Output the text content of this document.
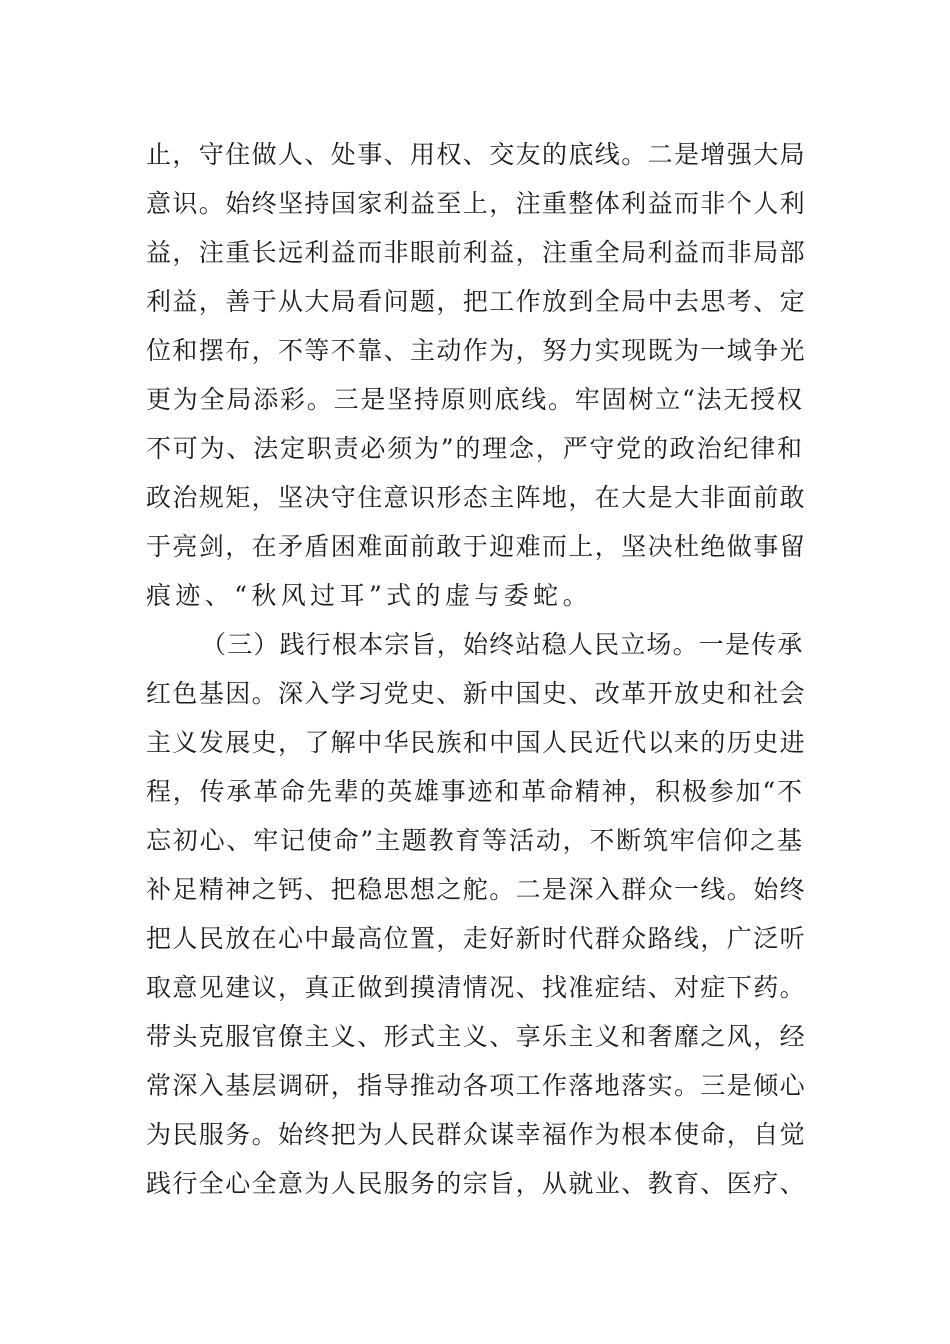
止，守住做人、处事、用权、交友的底线。二是增强大局
意识。始终坚持国家利益至上，注重整体利益而非个人利
益，注重长远利益而非眼前利益，注重全局利益而非局部
利益，善于从大局看问题，把工作放到全局中去思考、定
位和摆布，不等不靠、主动作为，努力实现既为一域争光
更为全局添彩。三是坚持原则底线。牢固树立“法无授权
不可为、法定职责必须为”的理念，严守党的政治纪律和
政治规矩，坚决守住意识形态主阵地，在大是大非面前敢
于亮剑，在矛盾困难面前敢于迎难而上，坚决杜绝做事留
痕迹、“秋风过耳”式的虚与委蛇。
（三）践行根本宗旨，始终站稳人民立场。一是传承
红色基因。深入学习党史、新中国史、改革开放史和社会
主义发展史，了解中华民族和中国人民近代以来的历史进
程，传承革命先辈的英雄事迹和革命精神，积极参加“不
忘初心、牢记使命”主题教育等活动，不断筑牢信仰之基
补足精神之钙、把稳思想之舵。二是深入群众一线。始终
把人民放在心中最高位置，走好新时代群众路线，广泛听
取意见建议，真正做到摸清情况、找准症结、对症下药。
带头克服官僚主义、形式主义、享乐主义和奢靡之风，经
常深入基层调研，指导推动各项工作落地落实。三是倾心
为民服务。始终把为人民群众谋幸福作为根本使命，自觉
践行全心全意为人民服务的宗旨，从就业、教育、医疗、
